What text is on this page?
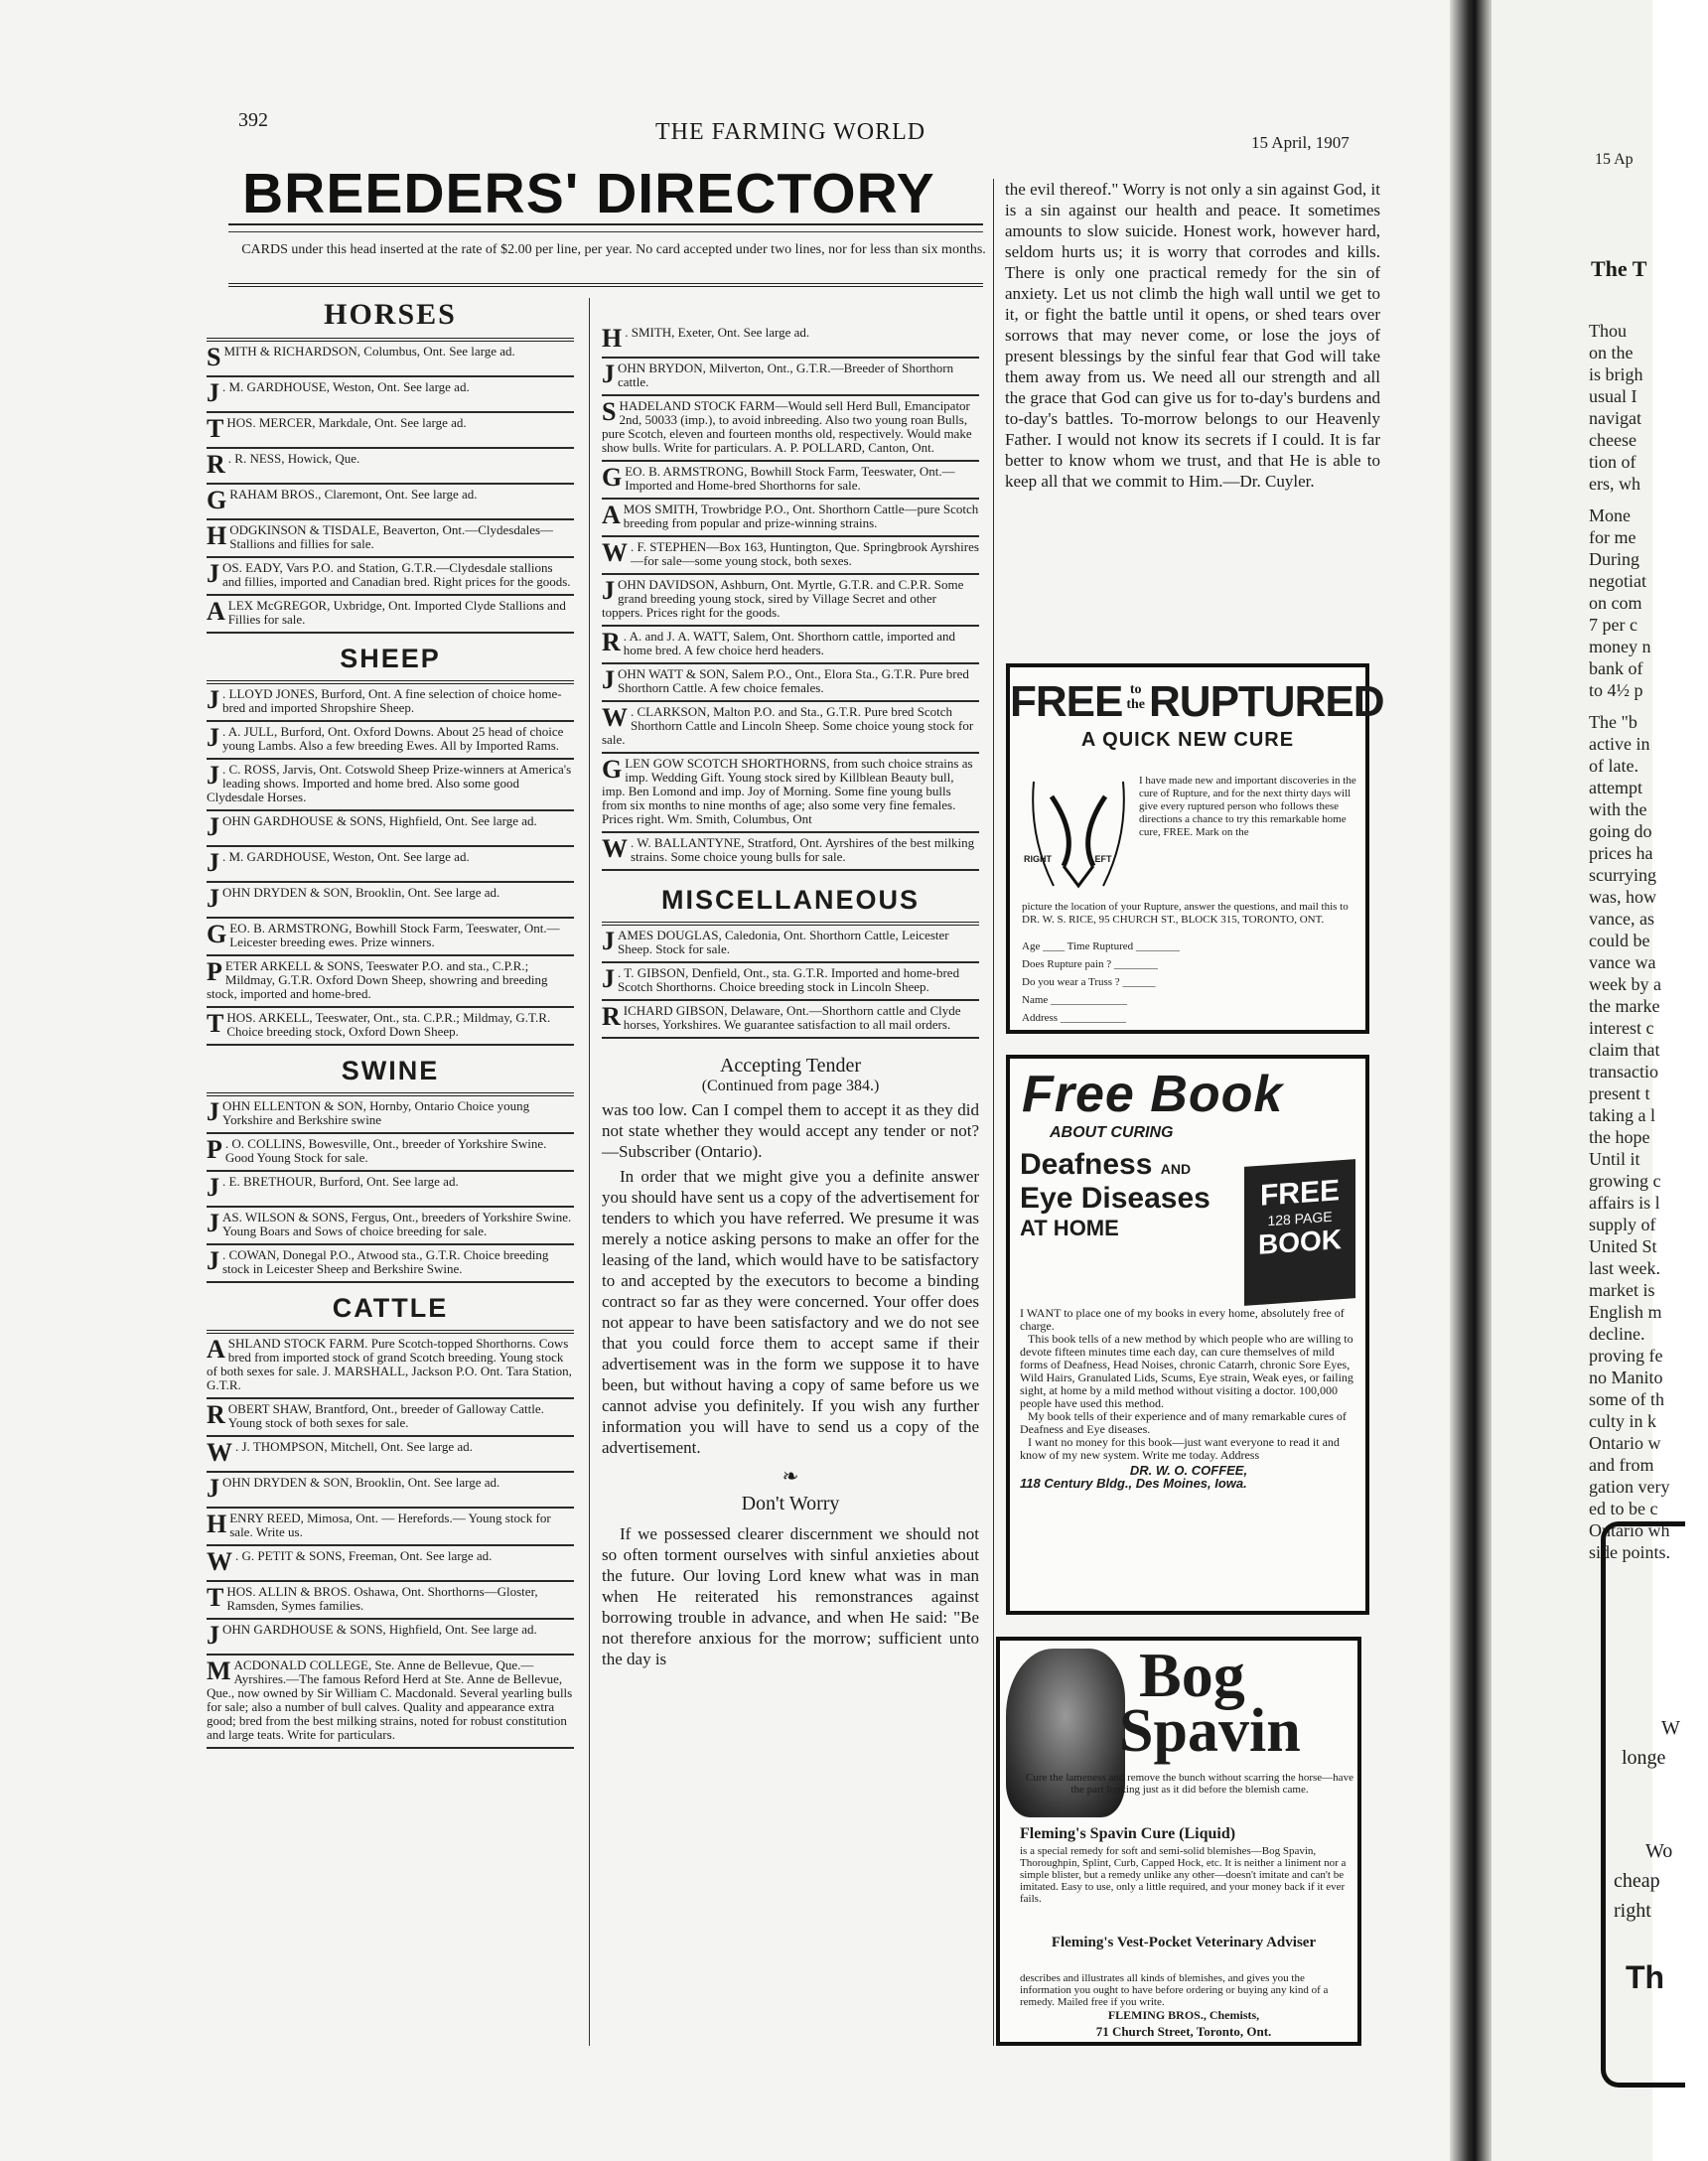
392	THE FARMING WORLD	15 April, 1907
BREEDERS' DIRECTORY
CARDS under this head inserted at the rate of $2.00 per line, per year. No card accepted under two lines, nor for less than six months.
HORSES
SMITH & RICHARDSON, Columbus, Ont. See large ad.
J . M. GARDHOUSE, Weston, Ont. See large ad.
THOS. MERCER, Markdale, Ont. See large ad.
R . R. NESS, Howick, Que.
GRAHAM BROS., Claremont, Ont. See large ad.
HODGKINSON & TISDALE, Beaverton, Ont.—Clydesdales—Stallions and fillies for sale.
JOS. EADY, Vars P.O. and Station, G.T.R.—Clydesdale stallions and fillies, imported and Canadian bred. Right prices for the goods.
ALEX McGREGOR, Uxbridge, Ont. Imported Clyde Stallions and Fillies for sale.
SHEEP
J . LLOYD JONES, Burford, Ont. A fine selection of choice home-bred and imported Shropshire Sheep.
J . A. JULL, Burford, Ont. Oxford Downs. About 25 head of choice young Lambs. Also a few breeding Ewes. All by Imported Rams.
J . C. ROSS, Jarvis, Ont. Cotswold Sheep Prize-winners at America's leading shows. Imported and home bred. Also some good Clydesdale Horses.
JOHN GARDHOUSE & SONS, Highfield, Ont. See large ad.
J . M. GARDHOUSE, Weston, Ont. See large ad.
JOHN DRYDEN & SON, Brooklin, Ont. See large ad.
GEO. B. ARMSTRONG, Bowhill Stock Farm, Teeswater, Ont.—Leicester breeding ewes. Prize winners.
PETER ARKELL & SONS, Teeswater P.O. and sta., C.P.R.; Mildmay, G.T.R. Oxford Down Sheep, showring and breeding stock, imported and home-bred.
THOS. ARKELL, Teeswater, Ont., sta. C.P.R.; Mildmay, G.T.R. Choice breeding stock, Oxford Down Sheep.
SWINE
JOHN ELLENTON & SON, Hornby, Ontario Choice young Yorkshire and Berkshire swine
P . O. COLLINS, Bowesville, Ont., breeder of Yorkshire Swine. Good Young Stock for sale.
J . E. BRETHOUR, Burford, Ont. See large ad.
JAS. WILSON & SONS, Fergus, Ont., breeders of Yorkshire Swine. Young Boars and Sows of choice breeding for sale.
J . COWAN, Donegal P.O., Atwood sta., G.T.R. Choice breeding stock in Leicester Sheep and Berkshire Swine.
CATTLE
ASHLAND STOCK FARM. Pure Scotch-topped Shorthorns. Cows bred from imported stock of grand Scotch breeding. Young stock of both sexes for sale. J. MARSHALL, Jackson P.O. Ont. Tara Station, G.T.R.
ROBERT SHAW, Brantford, Ont., breeder of Galloway Cattle. Young stock of both sexes for sale.
W . J. THOMPSON, Mitchell, Ont. See large ad.
JOHN DRYDEN & SON, Brooklin, Ont. See large ad.
HENRY REED, Mimosa, Ont. — Herefords.— Young stock for sale. Write us.
W . G. PETIT & SONS, Freeman, Ont. See large ad.
THOS. ALLIN & BROS. Oshawa, Ont. Shorthorns—Gloster, Ramsden, Symes families.
JOHN GARDHOUSE & SONS, Highfield, Ont. See large ad.
MACDONALD COLLEGE, Ste. Anne de Bellevue, Que.—Ayrshires.—The famous Reford Herd at Ste. Anne de Bellevue, Que., now owned by Sir William C. Macdonald. Several yearling bulls for sale; also a number of bull calves. Quality and appearance extra good; bred from the best milking strains, noted for robust constitution and large teats. Write for particulars.
H . SMITH, Exeter, Ont. See large ad.
JOHN BRYDON, Milverton, Ont., G.T.R.—Breeder of Shorthorn cattle.
SHADELAND STOCK FARM—Would sell Herd Bull, Emancipator 2nd, 50033 (imp.), to avoid inbreeding. Also two young roan Bulls, pure Scotch, eleven and fourteen months old, respectively. Would make show bulls. Write for particulars. A. P. POLLARD, Canton, Ont.
GEO. B. ARMSTRONG, Bowhill Stock Farm, Teeswater, Ont.—Imported and Home-bred Shorthorns for sale.
AMOS SMITH, Trowbridge P.O., Ont. Shorthorn Cattle—pure Scotch breeding from popular and prize-winning strains.
W . F. STEPHEN—Box 163, Huntington, Que. Springbrook Ayrshires—for sale—some young stock, both sexes.
JOHN DAVIDSON, Ashburn, Ont. Myrtle, G.T.R. and C.P.R. Some grand breeding young stock, sired by Village Secret and other toppers. Prices right for the goods.
R . A. and J. A. WATT, Salem, Ont. Shorthorn cattle, imported and home bred. A few choice herd headers.
JOHN WATT & SON, Salem P.O., Ont., Elora Sta., G.T.R. Pure bred Shorthorn Cattle. A few choice females.
W . CLARKSON, Malton P.O. and Sta., G.T.R. Pure bred Scotch Shorthorn Cattle and Lincoln Sheep. Some choice young stock for sale.
GLEN GOW SCOTCH SHORTHORNS, from such choice strains as imp. Wedding Gift. Young stock sired by Killblean Beauty bull, imp. Ben Lomond and imp. Joy of Morning. Some fine young bulls from six months to nine months of age; also some very fine females. Prices right. Wm. Smith, Columbus, Ont
W . W. BALLANTYNE, Stratford, Ont. Ayrshires of the best milking strains. Some choice young bulls for sale.
MISCELLANEOUS
JAMES DOUGLAS, Caledonia, Ont. Shorthorn Cattle, Leicester Sheep. Stock for sale.
J . T. GIBSON, Denfield, Ont., sta. G.T.R. Imported and home-bred Scotch Shorthorns. Choice breeding stock in Lincoln Sheep.
RICHARD GIBSON, Delaware, Ont.—Shorthorn cattle and Clyde horses, Yorkshires. We guarantee satisfaction to all mail orders.
Accepting Tender
(Continued from page 384.)
was too low. Can I compel them to accept it as they did not state whether they would accept any tender or not?—Subscriber (Ontario).
In order that we might give you a definite answer you should have sent us a copy of the advertisement for tenders to which you have referred. We presume it was merely a notice asking persons to make an offer for the leasing of the land, which would have to be satisfactory to and accepted by the executors to become a binding contract so far as they were concerned. Your offer does not appear to have been satisfactory and we do not see that you could force them to accept same if their advertisement was in the form we suppose it to have been, but without having a copy of same before us we cannot advise you definitely. If you wish any further information you will have to send us a copy of the advertisement.
❧
Don't Worry
If we possessed clearer discernment we should not so often torment ourselves with sinful anxieties about the future. Our loving Lord knew what was in man when He reiterated his remonstrances against borrowing trouble in advance, and when He said: "Be not therefore anxious for the morrow; sufficient unto the day is
the evil thereof." Worry is not only a sin against God, it is a sin against our health and peace. It sometimes amounts to slow suicide. Honest work, however hard, seldom hurts us; it is worry that corrodes and kills. There is only one practical remedy for the sin of anxiety. Let us not climb the high wall until we get to it, or fight the battle until it opens, or shed tears over sorrows that may never come, or lose the joys of present blessings by the sinful fear that God will take them away from us. We need all our strength and all the grace that God can give us for to-day's burdens and to-day's battles. To-morrow belongs to our Heavenly Father. I would not know its secrets if I could. It is far better to know whom we trust, and that He is able to keep all that we commit to Him.—Dr. Cuyler.
FREE to
the RUPTURED
A QUICK NEW CURE
RIGHT	LEFT
I have made new and important discoveries in the cure of Rupture, and for the next thirty days will give every ruptured person who follows these directions a chance to try this remarkable home cure, FREE. Mark on the
picture the location of your Rupture, answer the questions, and mail this to DR. W. S. RICE, 95 CHURCH ST., BLOCK 315, TORONTO, ONT.
Age ____ Time Ruptured ________
Does Rupture pain ? ________
Do you wear a Truss ? ______
Name ______________
Address ____________
Free Book
ABOUT CURING
Deafness AND
Eye Diseases
AT HOME
FREE
128 PAGE
BOOK
I WANT to place one of my books in every home, absolutely free of charge.
This book tells of a new method by which people who are willing to devote fifteen minutes time each day, can cure themselves of mild forms of Deafness, Head Noises, chronic Catarrh, chronic Sore Eyes, Wild Hairs, Granulated Lids, Scums, Eye strain, Weak eyes, or failing sight, at home by a mild method without visiting a doctor. 100,000 people have used this method.
My book tells of their experience and of many remarkable cures of Deafness and Eye diseases.
I want no money for this book—just want everyone to read it and know of my new system. Write me today. Address
DR. W. O. COFFEE,
118 Century Bldg., Des Moines, Iowa.
Bog
Spavin
Cure the lameness and remove the bunch without scarring the horse—have the part looking just as it did before the blemish came.
Fleming's Spavin Cure (Liquid)
is a special remedy for soft and semi-solid blemishes—Bog Spavin, Thoroughpin, Splint, Curb, Capped Hock, etc. It is neither a liniment nor a simple blister, but a remedy unlike any other—doesn't imitate and can't be imitated. Easy to use, only a little required, and your money back if it ever fails.
Fleming's Vest-Pocket Veterinary Adviser
describes and illustrates all kinds of blemishes, and gives you the information you ought to have before ordering or buying any kind of a remedy. Mailed free if you write.
FLEMING BROS., Chemists,
71 Church Street, Toronto, Ont.
15 Ap
The T
Thou
on the
is brigh
usual I
navigat
cheese
tion of
ers, wh
Mone
for me
During
negotiat
on com
7 per c
money n
bank of
to 4½ p
The "b
active in
of late.
attempt
with the
going do
prices ha
scurrying
was, how
vance, as
could be
vance wa
week by a
the marke
interest c
claim that
transactio
present t
taking a l
the hope
Until it
growing c
affairs is l
supply of
United St
last week.
market is
English m
decline.
proving fe
no Manito
some of th
culty in k
Ontario w
and from
gation very
ed to be c
Ontario wh
side points.
W
longe
Wo
cheap
right
Th
